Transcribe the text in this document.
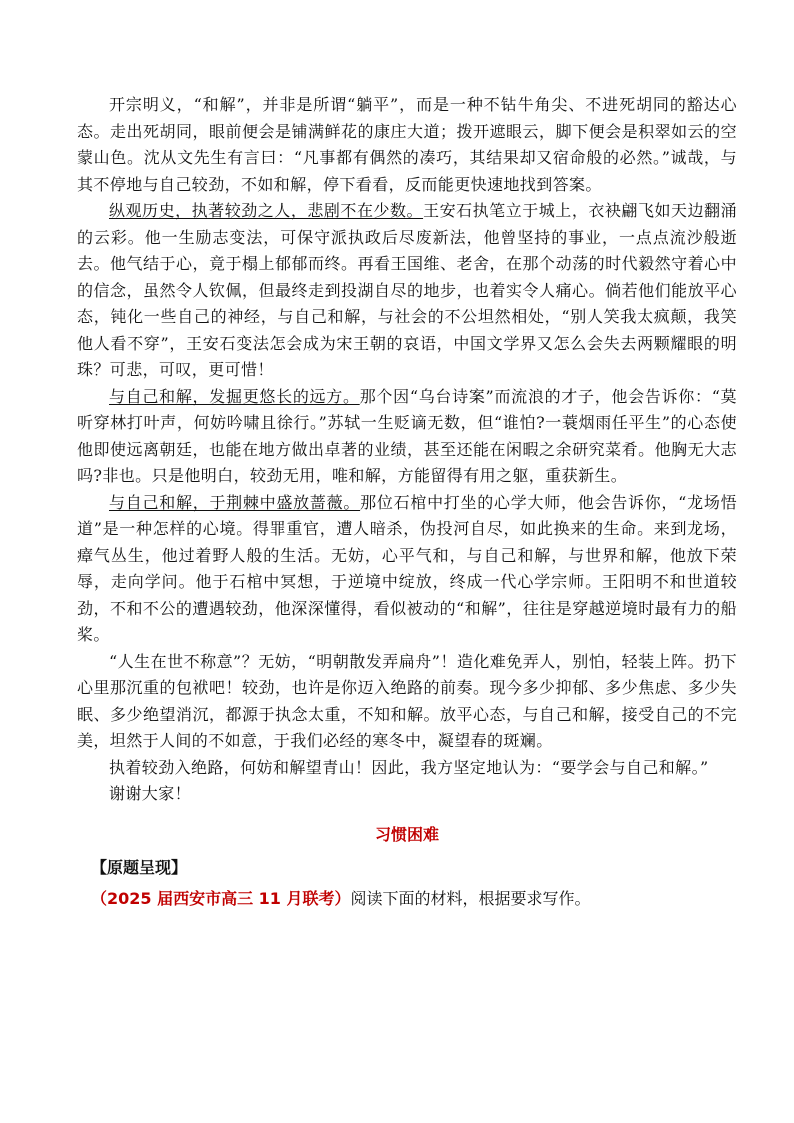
开宗明义，“和解”，并非是所谓“躺平”，而是一种不钻牛角尖、不进死胡同的豁达心态。走出死胡同，眼前便会是铺满鲜花的康庄大道；拨开遮眼云，脚下便会是积翠如云的空蒙山色。沈从文先生有言曰：“凡事都有偶然的凑巧，其结果却又宿命般的必然。”诚哉，与其不停地与自己较劲，不如和解，停下看看，反而能更快速地找到答案。

纵观历史，执著较劲之人，悲剧不在少数。王安石执笔立于城上，衣袂翩飞如天边翻涌的云彩。他一生励志变法，可保守派执政后尽废新法，他曾坚持的事业，一点点流沙般逝去。他气结于心，竟于榻上郁郁而终。再看王国维、老舍，在那个动荡的时代毅然守着心中的信念，虽然令人钦佩，但最终走到投湖自尽的地步，也着实令人痛心。倘若他们能放平心态，钝化一些自己的神经，与自己和解，与社会的不公坦然相处，“别人笑我太疯颠，我笑他人看不穿”，王安石变法怎会成为宋王朝的哀语，中国文学界又怎么会失去两颗耀眼的明珠？可悲，可叹，更可惜！

与自己和解，发掘更悠长的远方。那个因“乌台诗案”而流浪的才子，他会告诉你：“莫听穿林打叶声，何妨吟啸且徐行。”苏轼一生贬谪无数，但“谁怕?一蓑烟雨任平生”的心态使他即使远离朝廷，也能在地方做出卓著的业绩，甚至还能在闲暇之余研究菜肴。他胸无大志吗?非也。只是他明白，较劲无用，唯和解，方能留得有用之躯，重获新生。

与自己和解，于荆棘中盛放蔷薇。那位石棺中打坐的心学大师，他会告诉你，“龙场悟道”是一种怎样的心境。得罪重官，遭人暗杀，伪投河自尽，如此换来的生命。来到龙场，瘴气丛生，他过着野人般的生活。无妨，心平气和，与自己和解，与世界和解，他放下荣辱，走向学问。他于石棺中冥想，于逆境中绽放，终成一代心学宗师。王阳明不和世道较劲，不和不公的遭遇较劲，他深深懂得，看似被动的“和解”，往往是穿越逆境时最有力的船桨。

“人生在世不称意”？无妨，“明朝散发弄扁舟”！造化难免弄人，别怕，轻装上阵。扔下心里那沉重的包袱吧！较劲，也许是你迈入绝路的前奏。现今多少抑郁、多少焦虑、多少失眠、多少绝望消沉，都源于执念太重，不知和解。放平心态，与自己和解，接受自己的不完美，坦然于人间的不如意，于我们必经的寒冬中，凝望春的斑斓。

执着较劲入绝路，何妨和解望青山！因此，我方坚定地认为：“要学会与自己和解。”

谢谢大家！

习惯困难
【原题呈现】

（2025 届西安市高三 11 月联考）阅读下面的材料，根据要求写作。
